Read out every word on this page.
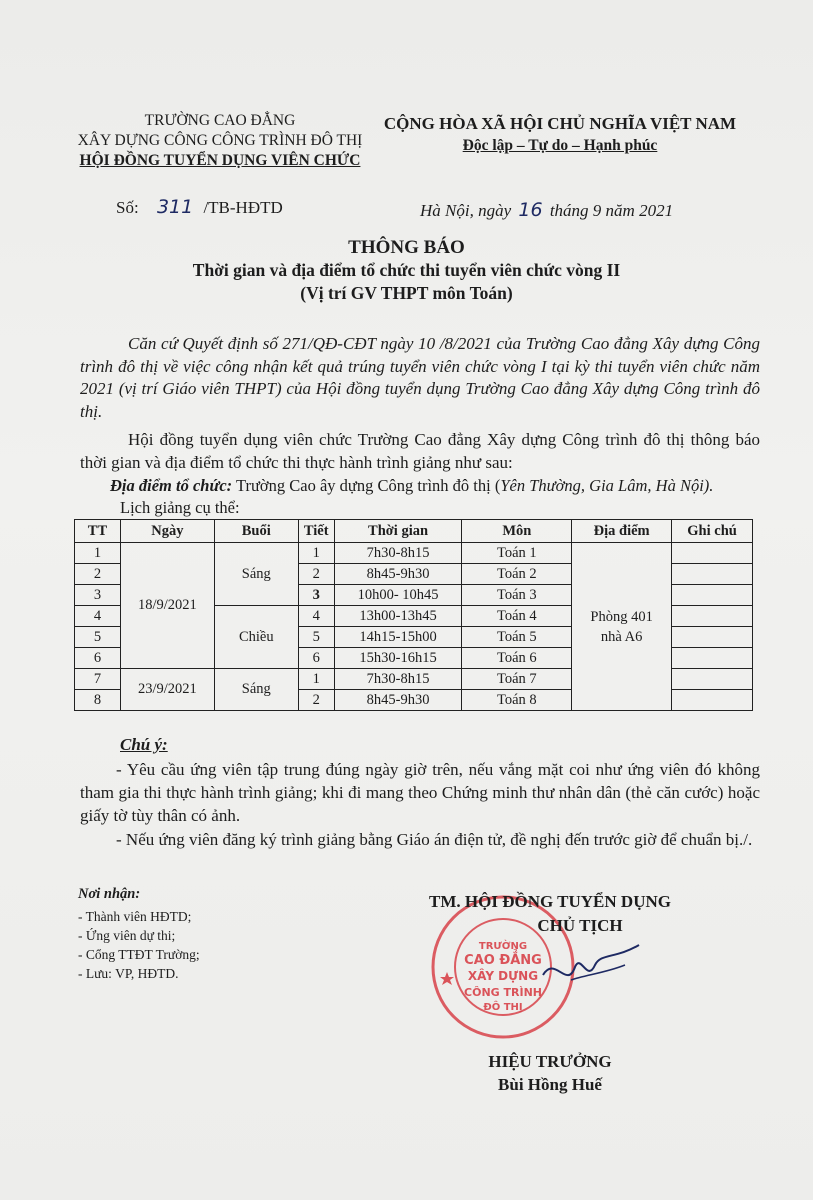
TRƯỜNG CAO ĐẲNG
XÂY DỰNG CÔNG CÔNG TRÌNH ĐÔ THỊ
HỘI ĐỒNG TUYỂN DỤNG VIÊN CHỨC
CỘNG HÒA XÃ HỘI CHỦ NGHĨA VIỆT NAM
Độc lập – Tự do – Hạnh phúc
Số: 311 /TB-HĐTD	Hà Nội, ngày 16 tháng 9 năm 2021
THÔNG BÁO
Thời gian và địa điểm tổ chức thi tuyển viên chức vòng II
(Vị trí GV THPT môn Toán)
Căn cứ Quyết định số 271/QĐ-CĐT ngày 10 /8/2021 của Trường Cao đẳng Xây dựng Công trình đô thị về việc công nhận kết quả trúng tuyển viên chức vòng I tại kỳ thi tuyển viên chức năm 2021 (vị trí Giáo viên THPT) của Hội đồng tuyển dụng Trường Cao đẳng Xây dựng Công trình đô thị.
Hội đồng tuyển dụng viên chức Trường Cao đẳng Xây dựng Công trình đô thị thông báo thời gian và địa điểm tổ chức thi thực hành trình giảng như sau:
Địa điểm tổ chức: Trường Cao ây dựng Công trình đô thị (Yên Thường, Gia Lâm, Hà Nội).
Lịch giảng cụ thể:
TT	Ngày	Buổi	Tiết	Thời gian	Môn	Địa điểm	Ghi chú
1	18/9/2021	Sáng	1	7h30-8h15	Toán 1	Phòng 401 nhà A6	
2			2	8h45-9h30	Toán 2		
3			3	10h00- 10h45	Toán 3		
4		Chiều	4	13h00-13h45	Toán 4		
5			5	14h15-15h00	Toán 5		
6			6	15h30-16h15	Toán 6		
7	23/9/2021	Sáng	1	7h30-8h15	Toán 7		
8			2	8h45-9h30	Toán 8		
Chú ý:
- Yêu cầu ứng viên tập trung đúng ngày giờ trên, nếu vắng mặt coi như ứng viên đó không tham gia thi thực hành trình giảng; khi đi mang theo Chứng minh thư nhân dân (thẻ căn cước) hoặc giấy tờ tùy thân có ảnh.
- Nếu ứng viên đăng ký trình giảng bằng Giáo án điện tử, đề nghị đến trước giờ để chuẩn bị./.
Nơi nhận:
- Thành viên HĐTD;
- Ứng viên dự thi;
- Cổng TTĐT Trường;
- Lưu: VP, HĐTD.
TRƯỜNG
CAO ĐẲNG
XÂY DỰNG
CÔNG TRÌNH
ĐÔ THỊ
TM. HỘI ĐỒNG TUYỂN DỤNG
CHỦ TỊCH
HIỆU TRƯỞNG
Bùi Hồng Huế
